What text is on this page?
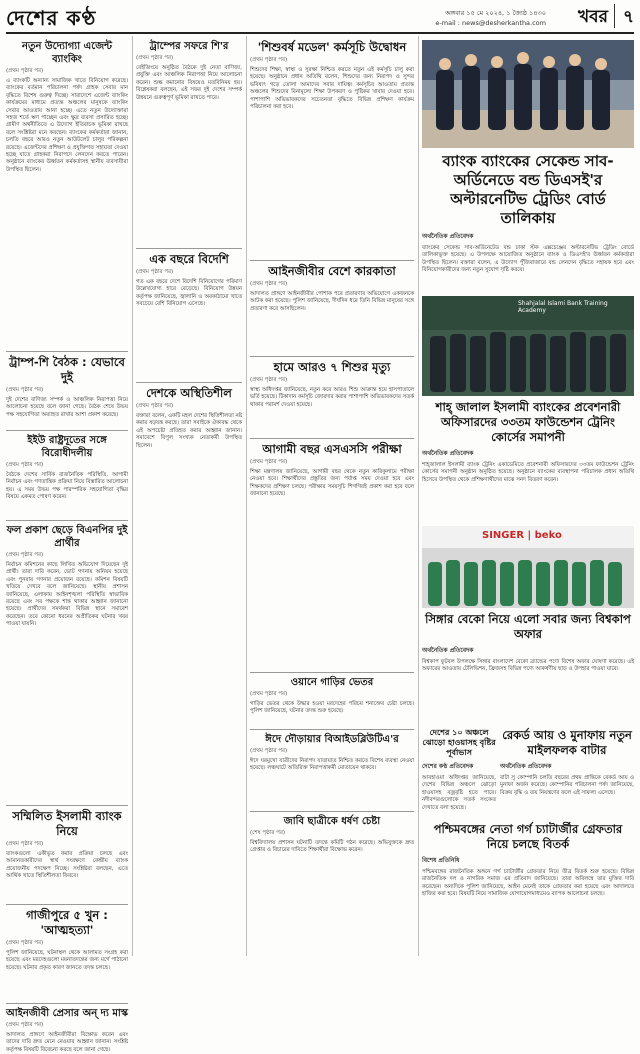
দেশের কণ্ঠ	অঙ্গবার ১৫ মে ২০২৪, ১ জ্যৈষ্ঠ ১৪৩০
e-mail : news@desherkantha.com খবর ৭
নতুন উদ্যোগ্যা এজেন্ট ব্যাংকিং
(প্রথম পৃষ্ঠার পর)
এ ব্যাংকটি অন্যান্য সামাজিক খাতে বিনিয়োগ করেছে। ব্যাংকের বর্তমান পরিচালনা পর্ষদ গ্রাহক সেবার মান বৃদ্ধিতে বিশেষ গুরুত্ব দিচ্ছে। সারাদেশে এজেন্ট ব্যাংকিং কার্যক্রমের মাধ্যমে প্রত্যন্ত অঞ্চলের মানুষকে ব্যাংকিং সেবার আওতায় আনা হচ্ছে। এতে নতুন উদ্যোক্তারা সহজ শর্তে ঋণ পাচ্ছেন এবং ক্ষুদ্র ব্যবসা প্রসারিত হচ্ছে। গ্রামীণ অর্থনীতিতে এ উদ্যোগ ইতিবাচক ভূমিকা রাখছে বলে সংশ্লিষ্টরা মনে করছেন। ব্যাংকের কর্মকর্তারা জানান, চলতি বছরে আরও নতুন আউটলেট চালুর পরিকল্পনা রয়েছে। এজেন্টদের প্রশিক্ষণ ও প্রযুক্তিগত সহায়তা দেওয়া হচ্ছে যাতে গ্রাহকরা নিরাপদে লেনদেন করতে পারেন। অনুষ্ঠানে ব্যাংকের ঊর্ধ্বতন কর্মকর্তাসহ স্থানীয় ব্যবসায়ীরা উপস্থিত ছিলেন।
ট্রাম্প-শি বৈঠক : যেভাবে দুই
(প্রথম পৃষ্ঠার পর)
দুই দেশের বাণিজ্য সম্পর্ক ও আঞ্চলিক নিরাপত্তা নিয়ে আলোচনা হয়েছে বলে জানা গেছে। বৈঠক শেষে উভয় পক্ষ সহযোগিতা অব্যাহত রাখার আশা প্রকাশ করেছে।
ইইউ রাষ্ট্রদূতের সঙ্গে বিরোধীদলীয়
(প্রথম পৃষ্ঠার পর)
বৈঠকে দেশের সার্বিক রাজনৈতিক পরিস্থিতি, আগামী নির্বাচন এবং গণতান্ত্রিক প্রক্রিয়া নিয়ে বিস্তারিত আলোচনা হয়। এ সময় উভয় পক্ষ পারস্পরিক সহযোগিতা বৃদ্ধির বিষয়ে একমত পোষণ করেন।
ফল প্রকাশ ছেড়ে বিএনপির দুই প্রার্থীর
(প্রথম পৃষ্ঠার পর)
নির্বাচন কমিশনের কাছে লিখিত অভিযোগ দিয়েছেন দুই প্রার্থী। তারা দাবি করেন, ভোট গণনায় অনিয়ম হয়েছে এবং পুনরায় গণনার প্রয়োজন রয়েছে। কমিশন বিষয়টি খতিয়ে দেখবে বলে জানিয়েছে। স্থানীয় প্রশাসন জানিয়েছে, এলাকায় আইনশৃঙ্খলা পরিস্থিতি স্বাভাবিক রয়েছে এবং সব পক্ষকে শান্ত থাকার আহ্বান জানানো হয়েছে। প্রার্থীদের সমর্থকরা বিভিন্ন স্থানে সমাবেশ করেছেন। তবে কোনো ধরনের অপ্রীতিকর ঘটনার খবর পাওয়া যায়নি।
সম্মিলিত ইসলামী ব্যাংক নিয়ে
(প্রথম পৃষ্ঠার পর)
ব্যাংকগুলো একীভূত করার প্রক্রিয়া চলছে এবং আমানতকারীদের স্বার্থ সংরক্ষণে কেন্দ্রীয় ব্যাংক প্রয়োজনীয় পদক্ষেপ নিচ্ছে। সংশ্লিষ্টরা বলছেন, এতে আর্থিক খাতে স্থিতিশীলতা ফিরবে।
গাজীপুরে ৫ খুন : 'আত্মহত্যা'
(প্রথম পৃষ্ঠার পর)
পুলিশ জানিয়েছে, ঘটনাস্থল থেকে আলামত সংগ্রহ করা হয়েছে এবং মরদেহগুলো ময়নাতদন্তের জন্য মর্গে পাঠানো হয়েছে। ঘটনার প্রকৃত কারণ জানতে তদন্ত চলছে।
আইনজীবী প্রেসার অন্ দ্য মাস্ক
(প্রথম পৃষ্ঠার পর)
আদালত প্রাঙ্গণে আইনজীবীরা বিক্ষোভ করেন এবং তাদের দাবি দ্রুত মেনে নেওয়ার আহ্বান জানান। সংশ্লিষ্ট কর্তৃপক্ষ বিষয়টি বিবেচনা করছে বলে জানা গেছে।
ট্রাম্পের সফরে শি'র
(প্রথম পৃষ্ঠার পর)
বেইজিংয়ে অনুষ্ঠিত বৈঠকে দুই নেতা বাণিজ্য, প্রযুক্তি এবং আঞ্চলিক নিরাপত্তা নিয়ে আলোচনা করেন। শুল্ক কমানোর বিষয়েও মতবিনিময় হয়। বিশ্লেষকরা বলছেন, এই সফর দুই দেশের সম্পর্ক উন্নয়নে গুরুত্বপূর্ণ ভূমিকা রাখতে পারে।
এক বছরে বিদেশি
(প্রথম পৃষ্ঠার পর)
গত এক বছরে দেশে বিদেশি বিনিয়োগের পরিমাণ উল্লেখযোগ্য হারে বেড়েছে। বিনিয়োগ উন্নয়ন কর্তৃপক্ষ জানিয়েছে, জ্বালানি ও অবকাঠামো খাতে সবচেয়ে বেশি বিনিয়োগ এসেছে।
দেশকে অস্থিতিশীল
(প্রথম পৃষ্ঠার পর)
বক্তারা বলেন, একটি মহল দেশের স্থিতিশীলতা নষ্ট করার ষড়যন্ত্র করছে। তারা সবাইকে ঐক্যবদ্ধ থেকে এই অপচেষ্টা প্রতিহত করার আহ্বান জানান। সমাবেশে বিপুল সংখ্যক নেতাকর্মী উপস্থিত ছিলেন।
'শিশুবর্ষ মডেল' কর্মসূচি উদ্বোধন
(প্রথম পৃষ্ঠার পর)
শিশুদের শিক্ষা, স্বাস্থ্য ও সুরক্ষা নিশ্চিত করতে নতুন এই কর্মসূচি চালু করা হয়েছে। অনুষ্ঠানে প্রধান অতিথি বলেন, শিশুদের জন্য নিরাপদ ও সুন্দর ভবিষ্যৎ গড়ে তোলা আমাদের সবার দায়িত্ব। কর্মসূচির আওতায় প্রত্যন্ত অঞ্চলের শিশুদের বিনামূল্যে শিক্ষা উপকরণ ও পুষ্টিকর খাবার দেওয়া হবে। পাশাপাশি অভিভাবকদের সচেতনতা বৃদ্ধিতে বিভিন্ন প্রশিক্ষণ কার্যক্রম পরিচালনা করা হবে।
আইনজীবীর বেশে কারকাতা
(প্রথম পৃষ্ঠার পর)
আদালত প্রাঙ্গণে আইনজীবীর পোশাক পরে প্রতারণার অভিযোগে একজনকে আটক করা হয়েছে। পুলিশ জানিয়েছে, দীর্ঘদিন ধরে তিনি বিভিন্ন মানুষের সঙ্গে প্রতারণা করে আসছিলেন।
হামে আরও ৭ শিশুর মৃত্যু
(প্রথম পৃষ্ঠার পর)
স্বাস্থ্য অধিদপ্তর জানিয়েছে, নতুন করে আরও শিশু আক্রান্ত হয়ে হাসপাতালে ভর্তি হয়েছে। টিকাদান কর্মসূচি জোরদার করার পাশাপাশি অভিভাবকদের সতর্ক থাকার পরামর্শ দেওয়া হয়েছে।
আগামী বছর এসএসসি পরীক্ষা
(প্রথম পৃষ্ঠার পর)
শিক্ষা মন্ত্রণালয় জানিয়েছে, আগামী বছর থেকে নতুন কারিকুলামে পরীক্ষা নেওয়া হবে। শিক্ষার্থীদের প্রস্তুতির জন্য পর্যাপ্ত সময় দেওয়া হবে এবং শিক্ষকদের প্রশিক্ষণ চলছে। পরীক্ষার সময়সূচি শিগগিরই প্রকাশ করা হবে বলে জানানো হয়েছে।
ওয়ানে গাড়ির ভেতর
(প্রথম পৃষ্ঠার পর)
গাড়ির ভেতর থেকে উদ্ধার হওয়া মরদেহের পরিচয় শনাক্তের চেষ্টা চলছে। পুলিশ জানিয়েছে, ঘটনার তদন্ত শুরু হয়েছে।
ঈদে দৌড়ায়ার বিআইডব্লিউটিএ'র
(প্রথম পৃষ্ঠার পর)
ঈদে ঘরমুখো যাত্রীদের নিরাপদ যাতায়াত নিশ্চিত করতে বিশেষ ব্যবস্থা নেওয়া হয়েছে। লঞ্চঘাটে অতিরিক্ত নিরাপত্তাকর্মী মোতায়েন থাকবে।
জাবি ছাত্রীকে ধর্ষণ চেষ্টা
(শেষ পৃষ্ঠার পর)
বিশ্ববিদ্যালয় প্রশাসন ঘটনাটি তদন্তে কমিটি গঠন করেছে। অভিযুক্তকে দ্রুত গ্রেপ্তার ও বিচারের দাবিতে শিক্ষার্থীরা বিক্ষোভ করেন।
ব্যাংক ব্যাংকের সেকেন্ড সাব-অর্ডিনেডে বন্ড ডিএসই'র অল্টারনেটিভ ট্রেডিং বোর্ড তালিকায়
অর্থনৈতিক প্রতিবেদক
ব্যাংকের সেকেন্ড সাব-অর্ডিনেটেড বন্ড ঢাকা স্টক এক্সচেঞ্জের অল্টারনেটিভ ট্রেডিং বোর্ডে তালিকাভুক্ত হয়েছে। এ উপলক্ষে আয়োজিত অনুষ্ঠানে ব্যাংক ও ডিএসই'র ঊর্ধ্বতন কর্মকর্তারা উপস্থিত ছিলেন। বক্তারা বলেন, এ উদ্যোগ পুঁজিবাজারে বন্ড লেনদেন বৃদ্ধিতে সহায়ক হবে এবং বিনিয়োগকারীদের জন্য নতুন সুযোগ সৃষ্টি করবে।
Shahjalal Islami Bank Training Academy
শাহ্‌ জালাল ইসলামী ব্যাংকের প্রবেশনারী অফিসারদের ৩৩তম ফাউন্ডেশন ট্রেনিং কোর্সের সমাপনী
অর্থনৈতিক প্রতিবেদক
শাহ্‌জালাল ইসলামী ব্যাংক ট্রেনিং একাডেমিতে প্রবেশনারী অফিসারদের ৩৩তম ফাউন্ডেশন ট্রেনিং কোর্সের সমাপনী অনুষ্ঠান অনুষ্ঠিত হয়েছে। অনুষ্ঠানে ব্যাংকের ব্যবস্থাপনা পরিচালক প্রধান অতিথি হিসেবে উপস্থিত থেকে প্রশিক্ষণার্থীদের মাঝে সনদ বিতরণ করেন।
SINGER | beko
সিঙ্গার বেকো নিয়ে এলো সবার জন্য বিশ্বকাপ অফার
অর্থনৈতিক প্রতিবেদক
বিশ্বকাপ ফুটবল উপলক্ষে সিঙ্গার বাংলাদেশ বেকো ব্র্যান্ডের পণ্যে বিশেষ অফার ঘোষণা করেছে। এই অফারের আওতায় টেলিভিশন, ফ্রিজসহ বিভিন্ন পণ্যে আকর্ষণীয় ছাড় ও উপহার পাওয়া যাবে।
দেশের ১০ অঞ্চলে ঝোড়ো হাওয়াসহ বৃষ্টির পূর্বাভাস
দেশের কণ্ঠ প্রতিবেদক
আবহাওয়া অধিদপ্তর জানিয়েছে, দেশের বিভিন্ন অঞ্চলে ঝোড়ো হাওয়াসহ বজ্রবৃষ্টি হতে পারে। নদীবন্দরগুলোকে সতর্ক সংকেত দেখাতে বলা হয়েছে।
রেকর্ড আয় ও মুনাফায় নতুন মাইলফলক বাটার
অর্থনৈতিক প্রতিবেদক
বাটা সু কোম্পানি চলতি বছরের প্রথম প্রান্তিকে রেকর্ড আয় ও মুনাফা অর্জন করেছে। কোম্পানির পরিচালনা পর্ষদ জানিয়েছে, বিক্রয় বৃদ্ধি ও ব্যয় নিয়ন্ত্রণের ফলে এই সাফল্য এসেছে।
পশ্চিমবঙ্গের নেতা গর্গ চ্যাটার্জীর গ্রেফতার নিয়ে চলছে বিতর্ক
বিশেষ প্রতিনিধি
পশ্চিমবঙ্গের রাজনৈতিক অঙ্গনে গর্গ চ্যাটার্জীর গ্রেফতার নিয়ে তীব্র বিতর্ক শুরু হয়েছে। বিভিন্ন রাজনৈতিক দল ও নাগরিক সমাজ এর প্রতিবাদ জানিয়েছে। তারা অবিলম্বে তার মুক্তির দাবি করেছেন। অন্যদিকে পুলিশ জানিয়েছে, আইন মেনেই তাকে গ্রেফতার করা হয়েছে এবং আদালতে হাজির করা হবে। বিষয়টি নিয়ে সামাজিক যোগাযোগমাধ্যমেও ব্যাপক আলোচনা চলছে।
